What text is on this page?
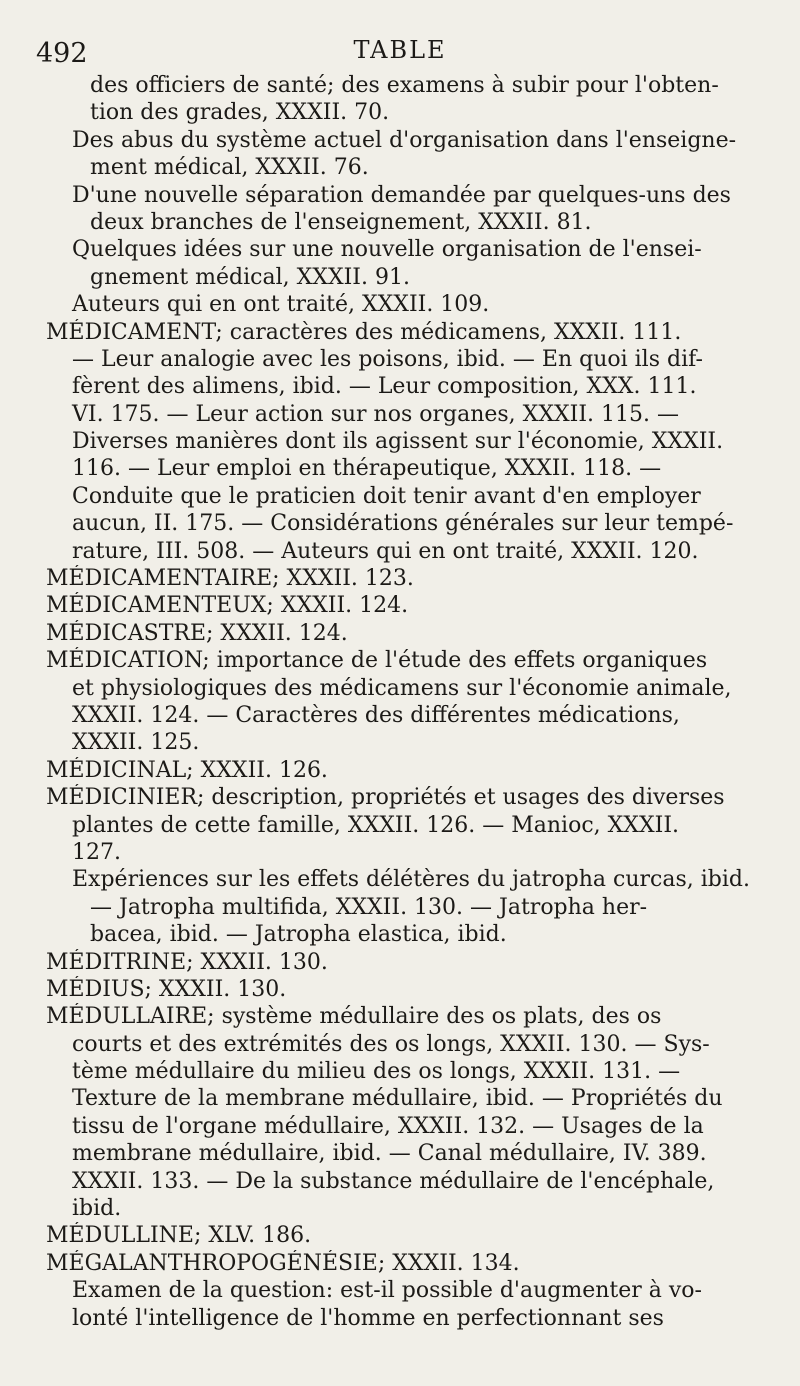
492	TABLE
des officiers de santé; des examens à subir pour l'obten-
tion des grades, XXXII. 70.
Des abus du système actuel d'organisation dans l'enseigne-
ment médical, XXXII. 76.
D'une nouvelle séparation demandée par quelques-uns des
deux branches de l'enseignement, XXXII. 81.
Quelques idées sur une nouvelle organisation de l'ensei-
gnement médical, XXXII. 91.
Auteurs qui en ont traité, XXXII. 109.
MÉDICAMENT; caractères des médicamens, XXXII. 111.
— Leur analogie avec les poisons, ibid. — En quoi ils dif-
fèrent des alimens, ibid. — Leur composition, XXX. 111.
VI. 175. — Leur action sur nos organes, XXXII. 115. —
Diverses manières dont ils agissent sur l'économie, XXXII.
116. — Leur emploi en thérapeutique, XXXII. 118. —
Conduite que le praticien doit tenir avant d'en employer
aucun, II. 175. — Considérations générales sur leur tempé-
rature, III. 508. — Auteurs qui en ont traité, XXXII. 120.
MÉDICAMENTAIRE; XXXII. 123.
MÉDICAMENTEUX; XXXII. 124.
MÉDICASTRE; XXXII. 124.
MÉDICATION; importance de l'étude des effets organiques
et physiologiques des médicamens sur l'économie animale,
XXXII. 124. — Caractères des différentes médications,
XXXII. 125.
MÉDICINAL; XXXII. 126.
MÉDICINIER; description, propriétés et usages des diverses
plantes de cette famille, XXXII. 126. — Manioc, XXXII.
127.
Expériences sur les effets délétères du jatropha curcas, ibid.
— Jatropha multifida, XXXII. 130. — Jatropha her-
bacea, ibid. — Jatropha elastica, ibid.
MÉDITRINE; XXXII. 130.
MÉDIUS; XXXII. 130.
MÉDULLAIRE; système médullaire des os plats, des os
courts et des extrémités des os longs, XXXII. 130. — Sys-
tème médullaire du milieu des os longs, XXXII. 131. —
Texture de la membrane médullaire, ibid. — Propriétés du
tissu de l'organe médullaire, XXXII. 132. — Usages de la
membrane médullaire, ibid. — Canal médullaire, IV. 389.
XXXII. 133. — De la substance médullaire de l'encéphale,
ibid.
MÉDULLINE; XLV. 186.
MÉGALANTHROPOGÉNÉSIE; XXXII. 134.
Examen de la question: est-il possible d'augmenter à vo-
lonté l'intelligence de l'homme en perfectionnant ses
